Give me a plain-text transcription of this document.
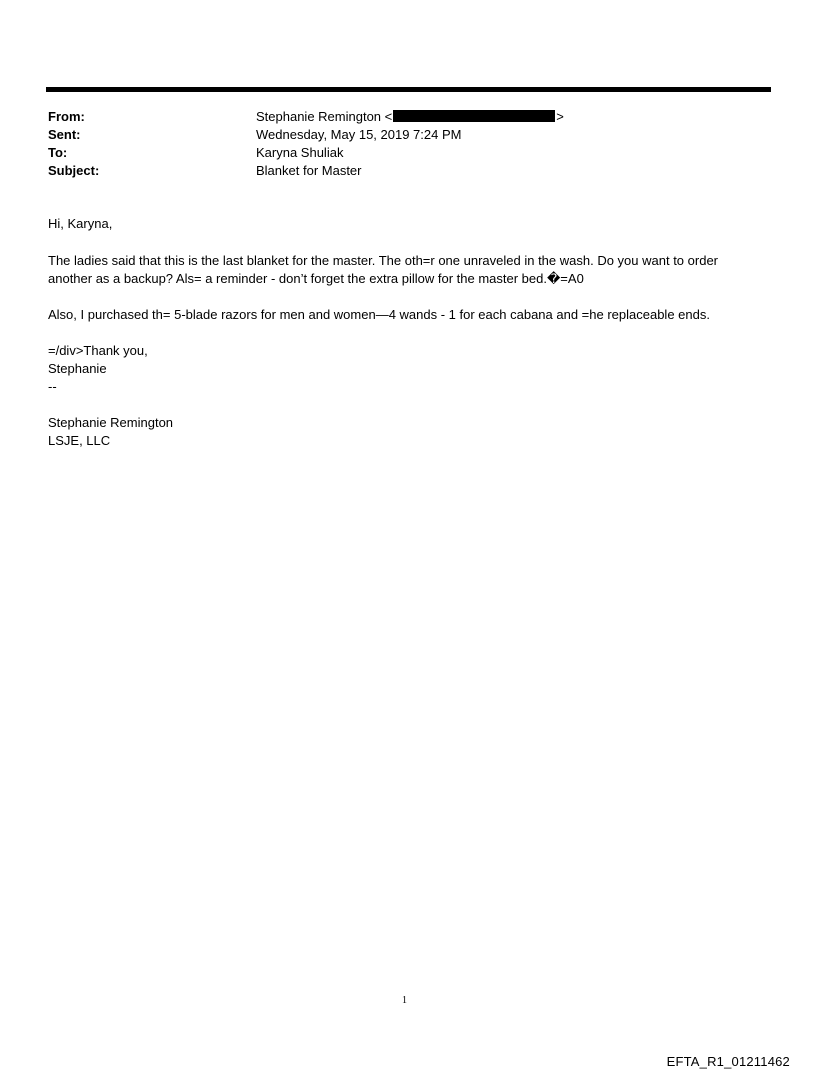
From:	Stephanie Remington <	>
Sent:	Wednesday, May 15, 2019 7:24 PM
To:	Karyna Shuliak
Subject:	Blanket for Master
Hi, Karyna,
The ladies said that this is the last blanket for the master. The oth=r one unraveled in the wash. Do you want to order
another as a backup? Als= a reminder - don’t forget the extra pillow for the master bed.�=A0
Also, I purchased th= 5-blade razors for men and women—4 wands - 1 for each cabana and =he replaceable ends.
=/div>Thank you,
Stephanie
--
Stephanie Remington
LSJE, LLC
1
EFTA_R1_01211462
